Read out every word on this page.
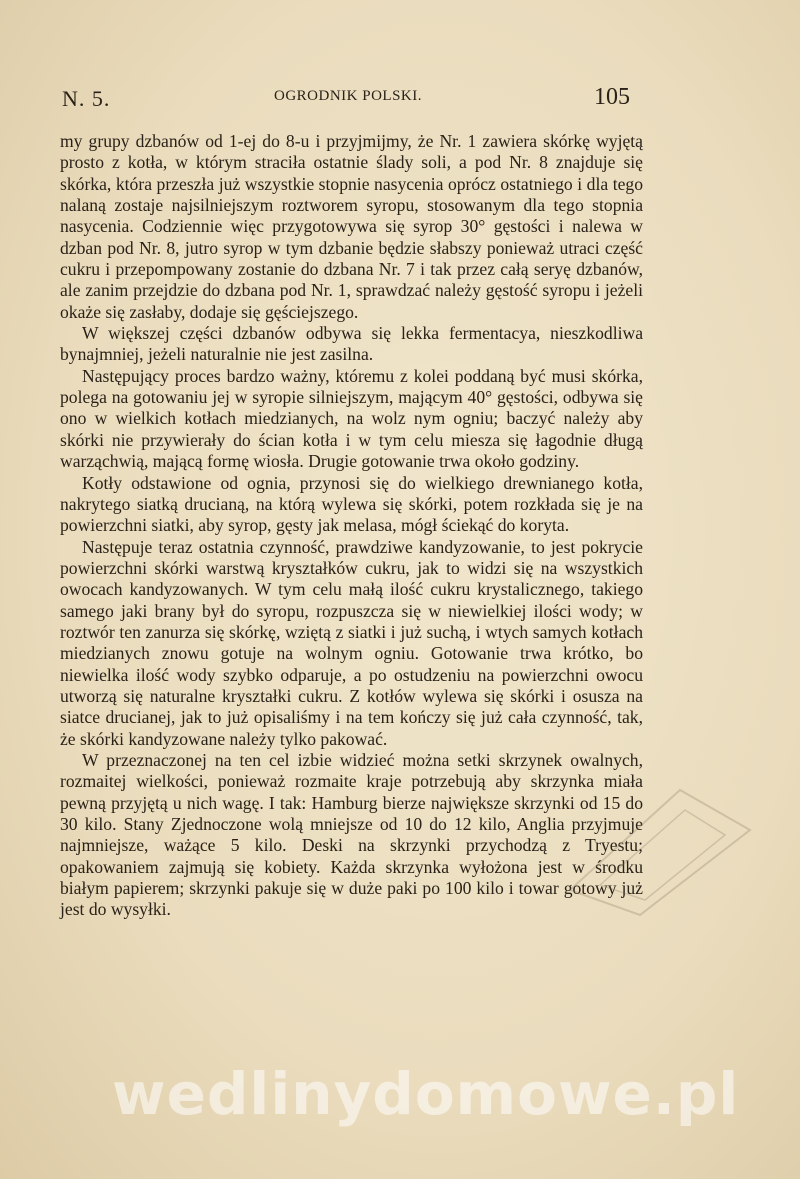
N. 5.	OGRODNIK POLSKI.	105

my grupy dzbanów od 1-ej do 8-u i przyjmijmy, że Nr. 1 zawiera skórkę wyjętą prosto z kotła, w którym straciła ostatnie ślady soli, a pod Nr. 8 znajduje się skórka, która przeszła już wszystkie stopnie nasycenia oprócz ostatniego i dla tego nalaną zostaje najsilniejszym roztworem syropu, stosowanym dla tego stopnia nasycenia. Codziennie więc przygotowywa się syrop 30° gęstości i nalewa w dzban pod Nr. 8, jutro syrop w tym dzbanie będzie słabszy ponieważ utraci część cukru i przepompowany zostanie do dzbana Nr. 7 i tak przez całą seryę dzbanów, ale zanim przejdzie do dzbana pod Nr. 1, sprawdzać należy gęstość syropu i jeżeli okaże się zasłaby, dodaje się gęściejszego.

W większej części dzbanów odbywa się lekka fermentacya, nieszkodliwa bynajmniej, jeżeli naturalnie nie jest zasilna.

Następujący proces bardzo ważny, któremu z kolei poddaną być musi skórka, polega na gotowaniu jej w syropie silniejszym, mającym 40° gęstości, odbywa się ono w wielkich kotłach miedzianych, na wolz nym ogniu; baczyć należy aby skórki nie przywierały do ścian kotła i w tym celu miesza się łagodnie długą warząchwią, mającą formę wiosła. Drugie gotowanie trwa około godziny.

Kotły odstawione od ognia, przynosi się do wielkiego drewnianego kotła, nakrytego siatką drucianą, na którą wylewa się skórki, potem rozkłada się je na powierzchni siatki, aby syrop, gęsty jak melasa, mógł ściekąć do koryta.

Następuje teraz ostatnia czynność, prawdziwe kandyzowanie, to jest pokrycie powierzchni skórki warstwą kryształków cukru, jak to widzi się na wszystkich owocach kandyzowanych. W tym celu małą ilość cukru krystalicznego, takiego samego jaki brany był do syropu, rozpuszcza się w niewielkiej ilości wody; w roztwór ten zanurza się skórkę, wziętą z siatki i już suchą, i wtych samych kotłach miedzianych znowu gotuje na wolnym ogniu. Gotowanie trwa krótko, bo niewielka ilość wody szybko odparuje, a po ostudzeniu na powierzchni owocu utworzą się naturalne kryształki cukru. Z kotłów wylewa się skórki i osusza na siatce drucianej, jak to już opisaliśmy i na tem kończy się już cała czynność, tak, że skórki kandyzowane należy tylko pakować.

W przeznaczonej na ten cel izbie widzieć można setki skrzynek owalnych, rozmaitej wielkości, ponieważ rozmaite kraje potrzebują aby skrzynka miała pewną przyjętą u nich wagę. I tak: Hamburg bierze największe skrzynki od 15 do 30 kilo. Stany Zjednoczone wolą mniejsze od 10 do 12 kilo, Anglia przyjmuje najmniejsze, ważące 5 kilo. Deski na skrzynki przychodzą z Tryestu; opakowaniem zajmują się kobiety. Każda skrzynka wyłożona jest w środku białym papierem; skrzynki pakuje się w duże paki po 100 kilo i towar gotowy już jest do wysyłki.

wedlinydomowe.pl
